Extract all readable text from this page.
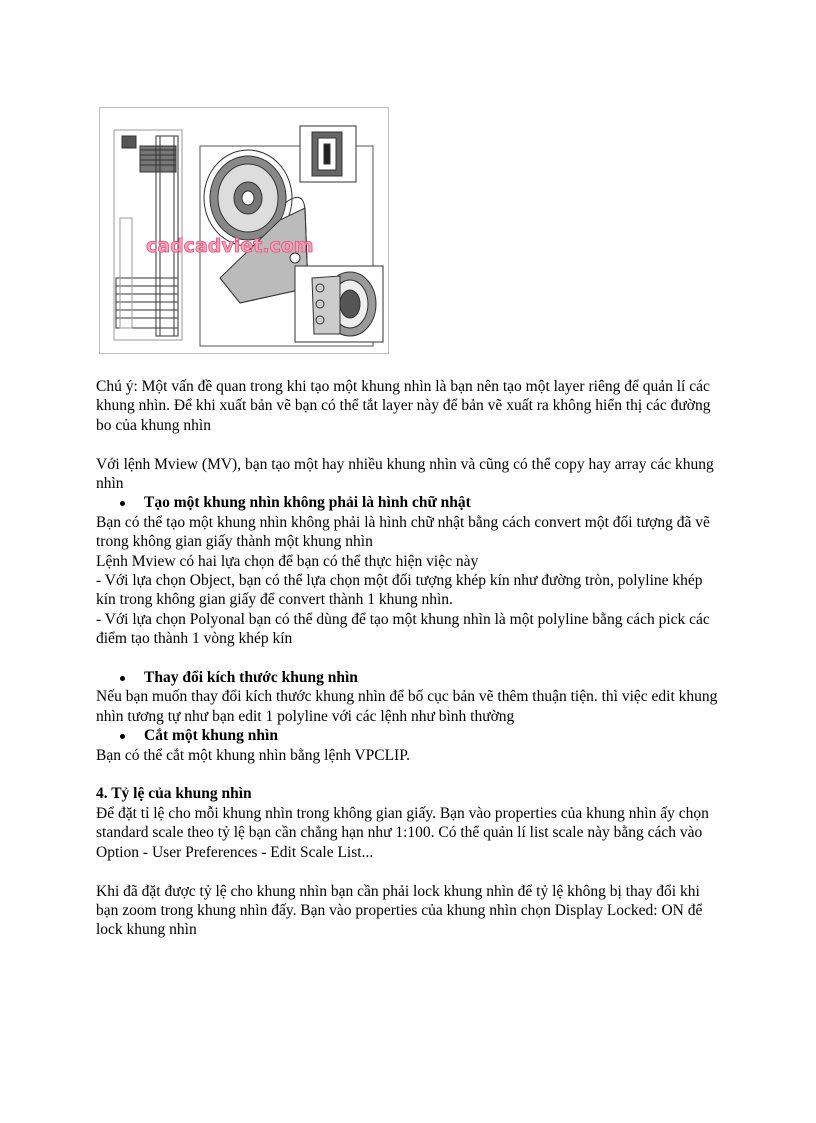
cadcadviet.com

Chú ý: Một vấn đề quan trong khi tạo một khung nhìn là bạn nên tạo một layer riêng để quản lí các khung nhìn. Để khi xuất bản vẽ bạn có thể tắt layer này để bản vẽ xuất ra không hiển thị các đường bo của khung nhìn

Với lệnh Mview (MV), bạn tạo một hay nhiều khung nhìn và cũng có thể copy hay array các khung nhìn

Tạo một khung nhìn không phải là hình chữ nhật

Bạn có thể tạo một khung nhìn không phải là hình chữ nhật bằng cách convert một đối tượng đã vẽ trong không gian giấy thành một khung nhìn

Lệnh Mview có hai lựa chọn để bạn có thể thực hiện việc này

- Với lựa chọn Object, bạn có thể lựa chọn một đối tượng khép kín như đường tròn, polyline khép kín trong không gian giấy để convert thành 1 khung nhìn.

- Với lựa chọn Polyonal bạn có thể dùng để tạo một khung nhìn là một polyline bằng cách pick các điểm tạo thành 1 vòng khép kín

Thay đổi kích thước khung nhìn

Nếu bạn muốn thay đổi kích thước khung nhìn để bố cục bản vẽ thêm thuận tiện. thì việc edit khung nhìn tương tự như bạn edit 1 polyline với các lệnh như bình thường

Cắt một khung nhìn

Bạn có thể cắt một khung nhìn bằng lệnh VPCLIP.

4. Tỷ lệ của khung nhìn

Để đặt tỉ lệ cho mỗi khung nhìn trong không gian giấy. Bạn vào properties của khung nhìn ấy chọn standard scale theo tỷ lệ bạn cần chẳng hạn như 1:100. Có thể quản lí list scale này bằng cách vào Option - User Preferences - Edit Scale List...

Khi đã đặt được tỷ lệ cho khung nhìn bạn cần phải lock khung nhìn để tỷ lệ không bị thay đổi khi bạn zoom trong khung nhìn đấy. Bạn vào properties của khung nhìn chọn Display Locked: ON để lock khung nhìn
